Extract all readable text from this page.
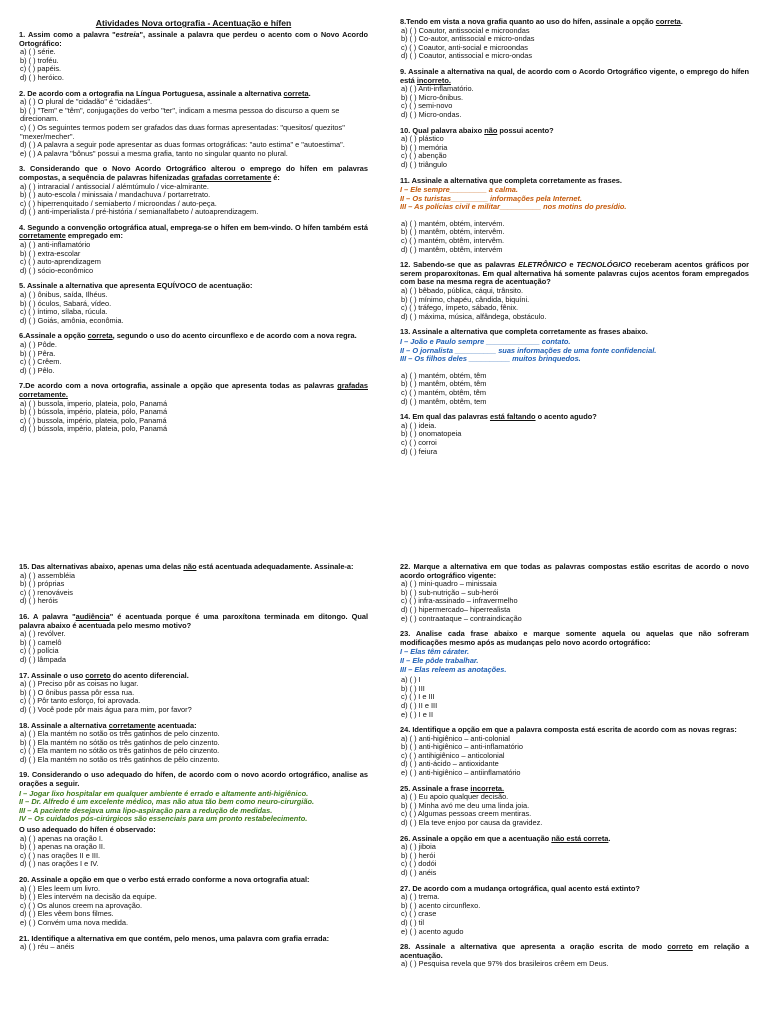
Atividades Nova ortografia - Acentuação e hífen

1. Assim como a palavra "estreia", assinale a palavra que perdeu o acento com o Novo Acordo Ortográfico:

a) ( ) série.

b) ( ) troféu.

c) ( ) papéis.

d) ( ) heróico.

2. De acordo com a ortografia na Língua Portuguesa, assinale a alternativa correta.

a) ( ) O plural de "cidadão" é "cidadães".

b) ( ) "Tem" e "têm", conjugações do verbo "ter", indicam a mesma pessoa do discurso a quem se direcionam.

c) ( ) Os seguintes termos podem ser grafados das duas formas apresentadas: "quesitos/ quezitos" "mexer/mecher".

d) ( ) A palavra a seguir pode apresentar as duas formas ortográficas: "auto estima" e "autoestima".

e) ( ) A palavra "bônus" possui a mesma grafia, tanto no singular quanto no plural.

3. Considerando que o Novo Acordo Ortográfico alterou o emprego do hífen em palavras compostas, a sequência de palavras hifenizadas grafadas corretamente é:

a) ( ) intraracial / antissocial / alémtúmulo / vice-almirante.

b) ( ) auto-escola / minissaia / mandachuva / portarretrato.

c) ( ) hiperrenquitado / semiaberto / microondas / auto-peça.

d) ( ) anti-imperialista / pré-história / semianalfabeto / autoaprendizagem.

4. Segundo a convenção ortográfica atual, emprega-se o hífen em bem-vindo. O hífen também está corretamente empregado em:

a) ( ) anti-inflamatório

b) ( ) extra-escolar

c) ( ) auto-aprendizagem

d) ( ) sócio-econômico

5. Assinale a alternativa que apresenta EQUÍVOCO de acentuação:

a) ( ) ônibus, saída, Ilhéus.

b) ( ) óculos, Sabará, vídeo.

c) ( ) íntimo, sílaba, rúcula.

d) ( ) Goiás, amônia, econômia.

6.Assinale a opção correta, segundo o uso do acento circunflexo e de acordo com a nova regra.

a) ( ) Pôde.

b) ( ) Pêra.

c) ( ) Crêem.

d) ( ) Pêlo.

7.De acordo com a nova ortografia, assinale a opção que apresenta todas as palavras grafadas corretamente.

a) ( ) bussola, imperio, plateia, polo, Panamá

b) ( ) bússola, império, plateia, pólo, Panamá

c) ( ) bussola, império, plateia, polo, Panamá

d) ( ) bússola, império, plateia, polo, Panamá

8.Tendo em vista a nova grafia quanto ao uso do hífen, assinale a opção correta.

a) ( ) Coautor, antissocial e microondas

b) ( ) Co-autor, antissocial e micro-ondas

c) ( ) Coautor, anti-social e microondas

d) ( ) Coautor, antissocial e micro-ondas

9. Assinale a alternativa na qual, de acordo com o Acordo Ortográfico vigente, o emprego do hífen está incorreto.

a) ( ) Anti-inflamatório.

b) ( ) Micro-ônibus.

c) ( ) semi-novo

d) ( ) Micro-ondas.

10. Qual palavra abaixo não possui acento?

a) ( ) plástico

b) ( ) memória

c) ( ) abenção

d) ( ) triângulo

11. Assinale a alternativa que completa corretamente as frases.

I – Ele sempre_________ a calma.

II – Os turistas_________ informações pela Internet.

III – As polícias civil e militar__________ nos motins do presídio.

a) ( ) mantém, obtém, intervém.

b) ( ) mantêm, obtém, intervêm.

c) ( ) mantém, obtêm, intervêm.

d) ( ) mantêm, obtêm, intervém

12. Sabendo-se que as palavras ELETRÔNICO e TECNOLÓGICO receberam acentos gráficos por serem proparoxítonas. Em qual alternativa há somente palavras cujos acentos foram empregados com base na mesma regra de acentuação?

a) ( ) bêbado, pública, cáqui, trânsito.

b) ( ) mínimo, chapéu, cândida, biquíni.

c) ( ) tráfego, ímpeto, sábado, fênix.

d) ( ) máxima, música, alfândega, obstáculo.

13. Assinale a alternativa que completa corretamente as frases abaixo.

I – João e Paulo sempre _____________ contato.

II – O jornalista __________ suas informações de uma fonte confidencial.

III – Os filhos deles __________ muitos brinquedos.

a) ( ) mantém, obtém, têm

b) ( ) mantêm, obtém, têm

c) ( ) mantém, obtêm, têm

d) ( ) mantêm, obtêm, tem

14. Em qual das palavras está faltando o acento agudo?

a) ( ) ideia.

b) ( ) onomatopeia

c) ( ) corroi

d) ( ) feiura

15. Das alternativas abaixo, apenas uma delas não está acentuada adequadamente. Assinale-a:

a) ( ) assembléia

b) ( ) próprias

c) ( ) renováveis

d) ( ) heróis

16. A palavra "audiência" é acentuada porque é uma paroxítona terminada em ditongo. Qual palavra abaixo é acentuada pelo mesmo motivo?

a) ( ) revólver.

b) ( ) camelô

c) ( ) polícia

d) ( ) lâmpada

17. Assinale o uso correto do acento diferencial.

a) ( ) Preciso pôr as coisas no lugar.

b) ( ) O ônibus passa pôr essa rua.

c) ( ) Pôr tanto esforço, foi aprovada.

d) ( ) Você pode pôr mais água para mim, por favor?

18. Assinale a alternativa corretamente acentuada:

a) ( ) Ela mantém no sotão os três gatinhos de pelo cinzento.

b) ( ) Ela mantém no sótão os três gatinhos de pelo cinzento.

c) ( ) Ela mantem no sótão os três gatinhos de pélo cinzento.

d) ( ) Ela mantém no sotão os três gatinhos de pêlo cinzento.

19. Considerando o uso adequado do hífen, de acordo com o novo acordo ortográfico, analise as orações a seguir.

I – Jogar lixo hospitalar em qualquer ambiente é errado e altamente anti-higiênico.

II – Dr. Alfredo é um excelente médico, mas não atua tão bem como neuro-cirurgião.

III – A paciente desejava uma lipo-aspiração para a redução de medidas.

IV – Os cuidados pós-cirúrgicos são essenciais para um pronto restabelecimento.

O uso adequado do hífen é observado:

a) ( ) apenas na oração I.

b) ( ) apenas na oração II.

c) ( ) nas orações II e III.

d) ( ) nas orações I e IV.

20. Assinale a opção em que o verbo está errado conforme a nova ortografia atual:

a) ( ) Eles leem um livro.

b) ( ) Eles intervém na decisão da equipe.

c) ( ) Os alunos creem na aprovação.

d) ( ) Eles vêem bons filmes.

e) ( ) Convém uma nova medida.

21. Identifique a alternativa em que contém, pelo menos, uma palavra com grafia errada:

a) ( ) réu – anéis

22. Marque a alternativa em que todas as palavras compostas estão escritas de acordo o novo acordo ortográfico vigente:

a) ( ) mini-quadro – minissaia

b) ( ) sub-nutrição – sub-herói

c) ( ) infra-assinado – infravermelho

d) ( ) hipermercado– hiperrealista

e) ( ) contraataque – contraindicação

23. Analise cada frase abaixo e marque somente aquela ou aquelas que não sofreram modificações mesmo após as mudanças pelo novo acordo ortográfico:

I – Elas têm cárater.

II – Ele pôde trabalhar.

III – Elas releem as anotações.

a) ( ) I

b) ( ) III

c) ( ) I e III

d) ( ) II e III

e) ( ) I e II

24. Identifique a opção em que a palavra composta está escrita de acordo com as novas regras:

a) ( ) anti-higiênico – anti-colonial

b) ( ) anti-higiênico – anti-inflamatório

c) ( ) antihigiênico – anticolonial

d) ( ) anti-ácido – antioxidante

e) ( ) anti-higiênico – antiinflamatório

25. Assinale a frase incorreta.

a) ( ) Eu apoio qualquer decisão.

b) ( ) Minha avó me deu uma linda joia.

c) ( ) Algumas pessoas creem mentiras.

d) ( ) Ela teve enjoo por causa da gravidez.

26. Assinale a opção em que a acentuação não está correta.

a) ( ) jiboia

b) ( ) herói

c) ( ) dodói

d) ( ) anéis

27. De acordo com a mudança ortográfica, qual acento está extinto?

a) ( ) trema.

b) ( ) acento circunflexo.

c) ( ) crase

d) ( ) til

e) ( ) acento agudo

28. Assinale a alternativa que apresenta a oração escrita de modo correto em relação a acentuação.

a) ( ) Pesquisa revela que 97% dos brasileiros crêem em Deus.
